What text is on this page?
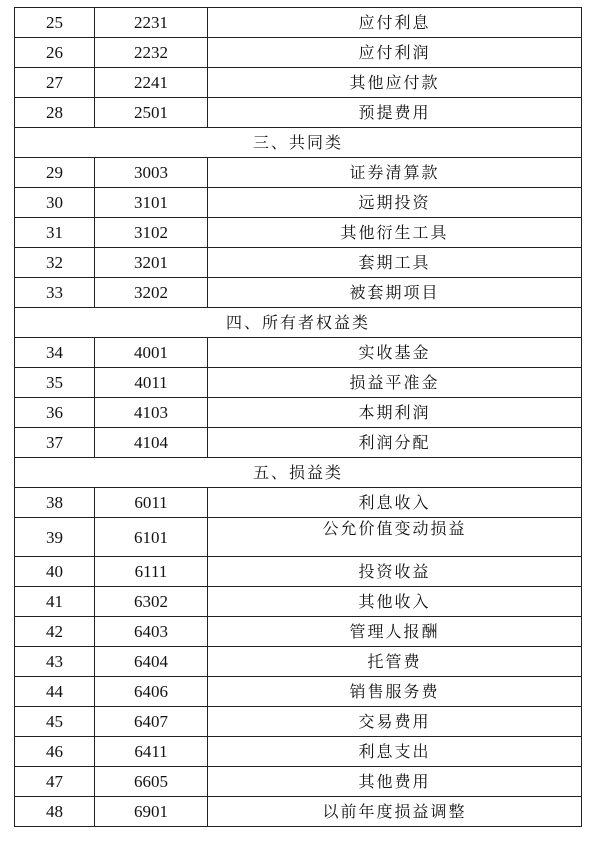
25	2231	应付利息
26	2232	应付利润
27	2241	其他应付款
28	2501	预提费用
三、共同类		
29	3003	证券清算款
30	3101	远期投资
31	3102	其他衍生工具
32	3201	套期工具
33	3202	被套期项目
四、所有者权益类		
34	4001	实收基金
35	4011	损益平准金
36	4103	本期利润
37	4104	利润分配
五、损益类		
38	6011	利息收入
39	6101	公允价值变动损益
40	6111	投资收益
41	6302	其他收入
42	6403	管理人报酬
43	6404	托管费
44	6406	销售服务费
45	6407	交易费用
46	6411	利息支出
47	6605	其他费用
48	6901	以前年度损益调整
